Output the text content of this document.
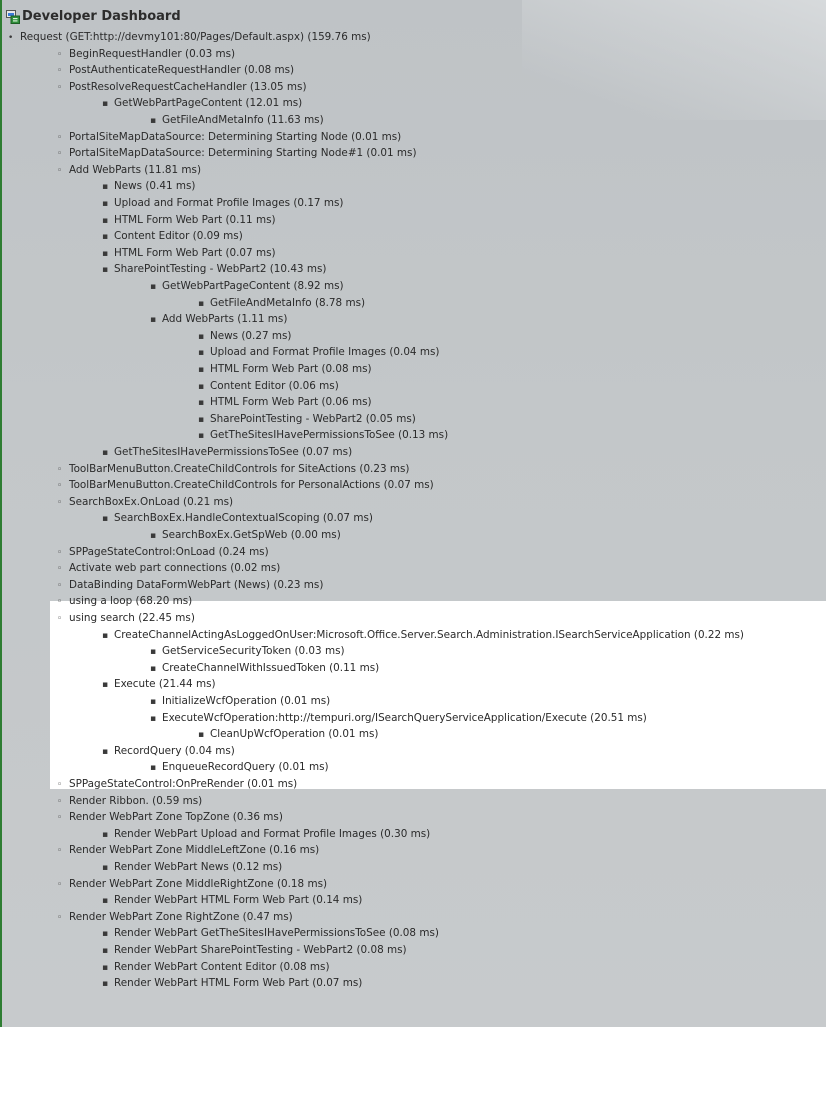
Developer Dashboard
• Request (GET:http://devmy101:80/Pages/Default.aspx) (159.76 ms)
◦ BeginRequestHandler (0.03 ms)
◦ PostAuthenticateRequestHandler (0.08 ms)
◦ PostResolveRequestCacheHandler (13.05 ms)
▪ GetWebPartPageContent (12.01 ms)
▪ GetFileAndMetaInfo (11.63 ms)
◦ PortalSiteMapDataSource: Determining Starting Node (0.01 ms)
◦ PortalSiteMapDataSource: Determining Starting Node#1 (0.01 ms)
◦ Add WebParts (11.81 ms)
▪ News (0.41 ms)
▪ Upload and Format Profile Images (0.17 ms)
▪ HTML Form Web Part (0.11 ms)
▪ Content Editor (0.09 ms)
▪ HTML Form Web Part (0.07 ms)
▪ SharePointTesting - WebPart2 (10.43 ms)
▪ GetWebPartPageContent (8.92 ms)
▪ GetFileAndMetaInfo (8.78 ms)
▪ Add WebParts (1.11 ms)
▪ News (0.27 ms)
▪ Upload and Format Profile Images (0.04 ms)
▪ HTML Form Web Part (0.08 ms)
▪ Content Editor (0.06 ms)
▪ HTML Form Web Part (0.06 ms)
▪ SharePointTesting - WebPart2 (0.05 ms)
▪ GetTheSitesIHavePermissionsToSee (0.13 ms)
▪ GetTheSitesIHavePermissionsToSee (0.07 ms)
◦ ToolBarMenuButton.CreateChildControls for SiteActions (0.23 ms)
◦ ToolBarMenuButton.CreateChildControls for PersonalActions (0.07 ms)
◦ SearchBoxEx.OnLoad (0.21 ms)
▪ SearchBoxEx.HandleContextualScoping (0.07 ms)
▪ SearchBoxEx.GetSpWeb (0.00 ms)
◦ SPPageStateControl:OnLoad (0.24 ms)
◦ Activate web part connections (0.02 ms)
◦ DataBinding DataFormWebPart (News) (0.23 ms)
◦ using a loop (68.20 ms)
◦ using search (22.45 ms)
▪ CreateChannelActingAsLoggedOnUser:Microsoft.Office.Server.Search.Administration.ISearchServiceApplication (0.22 ms)
▪ GetServiceSecurityToken (0.03 ms)
▪ CreateChannelWithIssuedToken (0.11 ms)
▪ Execute (21.44 ms)
▪ InitializeWcfOperation (0.01 ms)
▪ ExecuteWcfOperation:http://tempuri.org/ISearchQueryServiceApplication/Execute (20.51 ms)
▪ CleanUpWcfOperation (0.01 ms)
▪ RecordQuery (0.04 ms)
▪ EnqueueRecordQuery (0.01 ms)
◦ SPPageStateControl:OnPreRender (0.01 ms)
◦ Render Ribbon. (0.59 ms)
◦ Render WebPart Zone TopZone (0.36 ms)
▪ Render WebPart Upload and Format Profile Images (0.30 ms)
◦ Render WebPart Zone MiddleLeftZone (0.16 ms)
▪ Render WebPart News (0.12 ms)
◦ Render WebPart Zone MiddleRightZone (0.18 ms)
▪ Render WebPart HTML Form Web Part (0.14 ms)
◦ Render WebPart Zone RightZone (0.47 ms)
▪ Render WebPart GetTheSitesIHavePermissionsToSee (0.08 ms)
▪ Render WebPart SharePointTesting - WebPart2 (0.08 ms)
▪ Render WebPart Content Editor (0.08 ms)
▪ Render WebPart HTML Form Web Part (0.07 ms)
